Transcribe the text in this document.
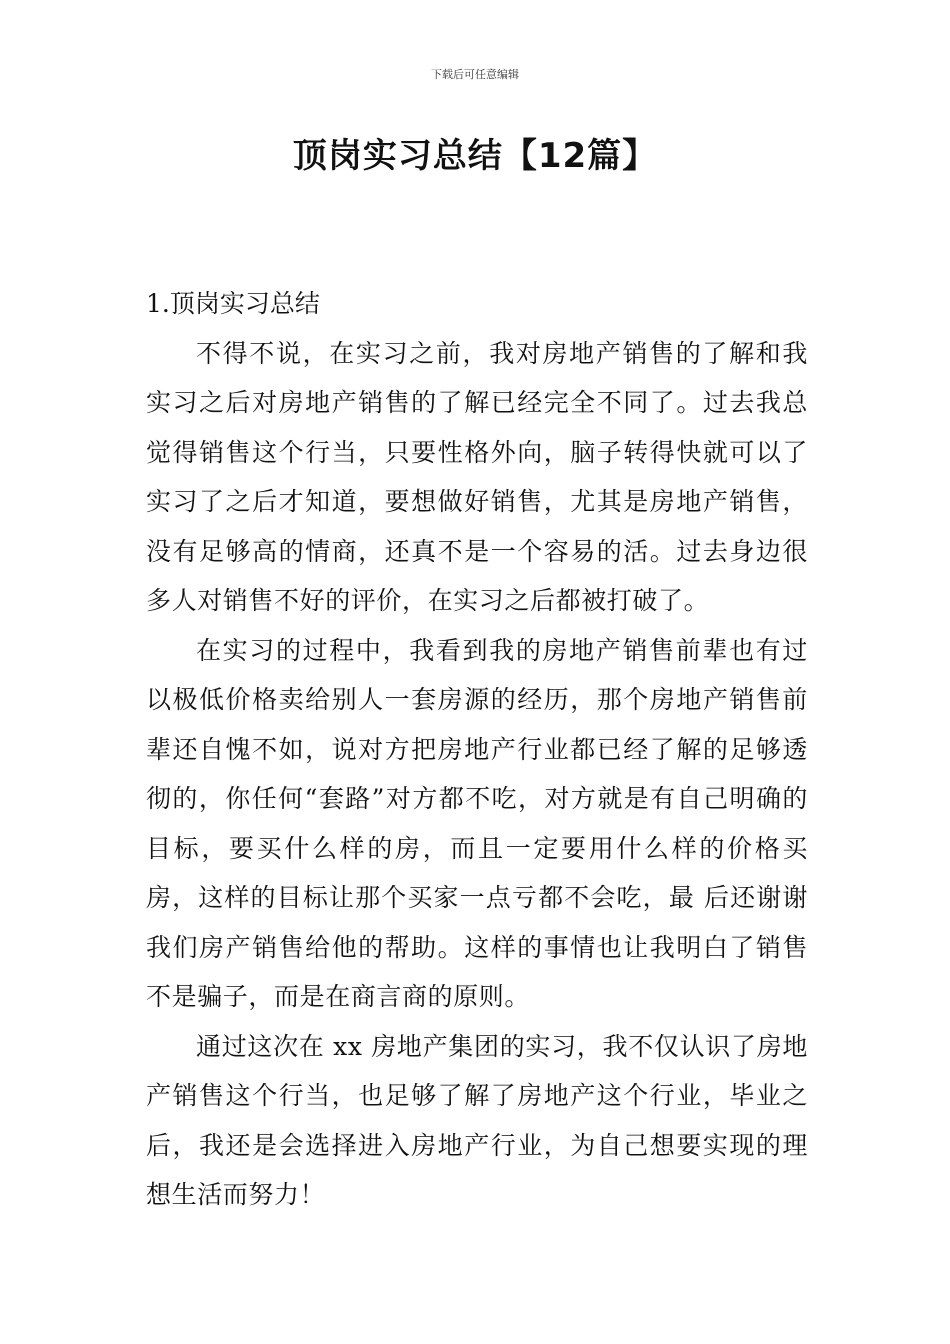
下载后可任意编辑
顶岗实习总结【12篇】

1.顶岗实习总结

不得不说，在实习之前，我对房地产销售的了解和我实习之后对房地产销售的了解已经完全不同了。过去我总觉得销售这个行当，只要性格外向，脑子转得快就可以了实习了之后才知道，要想做好销售，尤其是房地产销售，没有足够高的情商，还真不是一个容易的活。过去身边很多人对销售不好的评价，在实习之后都被打破了。

在实习的过程中，我看到我的房地产销售前辈也有过以极低价格卖给别人一套房源的经历，那个房地产销售前辈还自愧不如，说对方把房地产行业都已经了解的足够透彻的，你任何“套路”对方都不吃，对方就是有自己明确的目标，要买什么样的房，而且一定要用什么样的价格买房，这样的目标让那个买家一点亏都不会吃，最 后还谢谢我们房产销售给他的帮助。这样的事情也让我明白了销售不是骗子，而是在商言商的原则。

通过这次在 xx 房地产集团的实习，我不仅认识了房地产销售这个行当，也足够了解了房地产这个行业，毕业之后，我还是会选择进入房地产行业，为自己想要实现的理想生活而努力！
